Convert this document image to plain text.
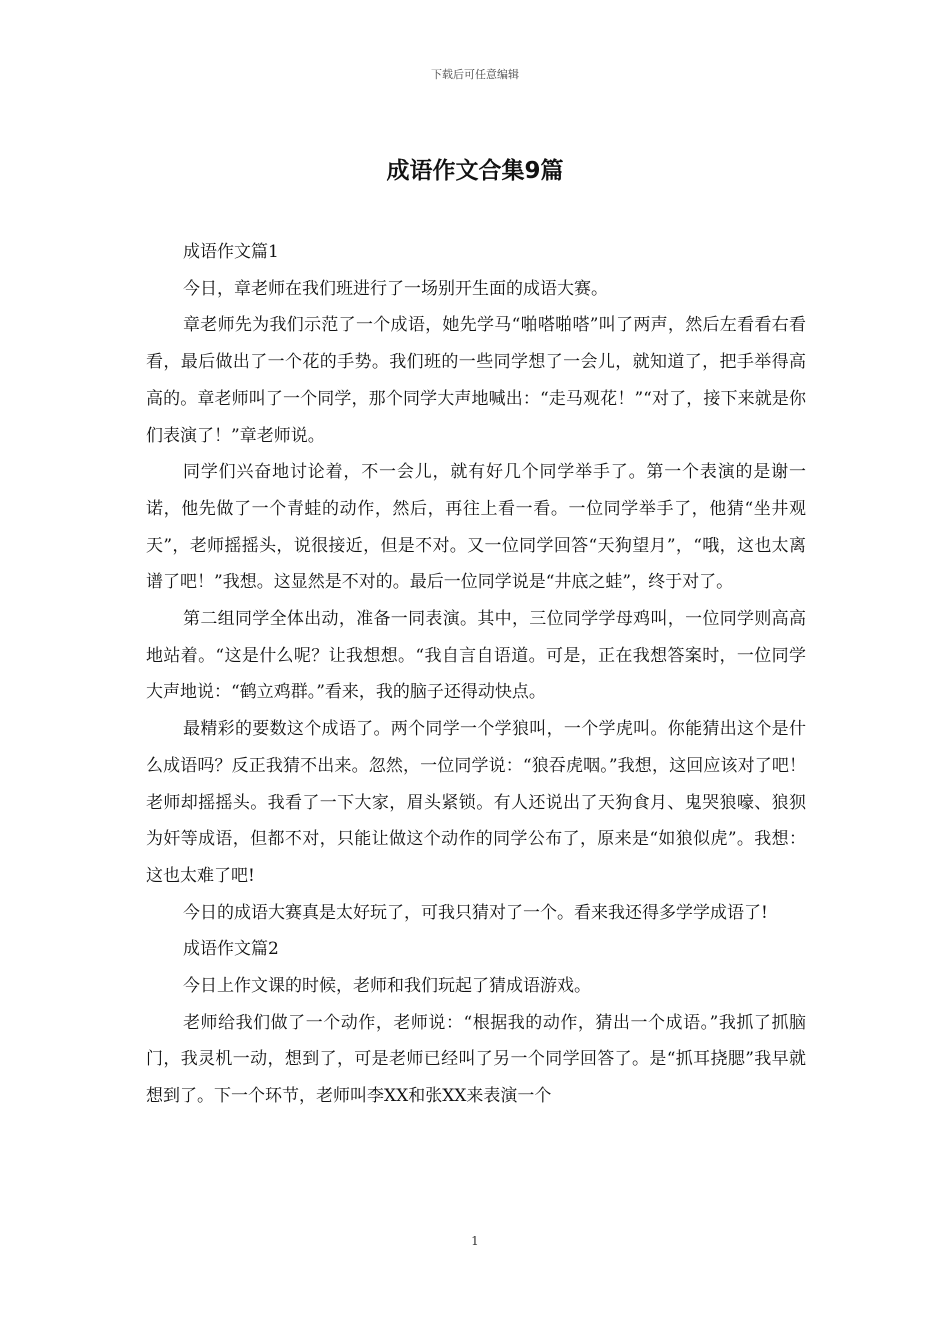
下载后可任意编辑
成语作文合集9篇

成语作文篇1

今日，章老师在我们班进行了一场别开生面的成语大赛。

章老师先为我们示范了一个成语，她先学马“啪嗒啪嗒”叫了两声，然后左看看右看看，最后做出了一个花的手势。我们班的一些同学想了一会儿，就知道了，把手举得高高的。章老师叫了一个同学，那个同学大声地喊出：“走马观花！”“对了，接下来就是你们表演了！”章老师说。

同学们兴奋地讨论着，不一会儿，就有好几个同学举手了。第一个表演的是谢一诺，他先做了一个青蛙的动作，然后，再往上看一看。一位同学举手了，他猜“坐井观天”，老师摇摇头，说很接近，但是不对。又一位同学回答“天狗望月”，“哦，这也太离谱了吧！”我想。这显然是不对的。最后一位同学说是“井底之蛙”，终于对了。

第二组同学全体出动，准备一同表演。其中，三位同学学母鸡叫，一位同学则高高地站着。“这是什么呢？让我想想。“我自言自语道。可是，正在我想答案时，一位同学大声地说：“鹤立鸡群。”看来，我的脑子还得动快点。

最精彩的要数这个成语了。两个同学一个学狼叫，一个学虎叫。你能猜出这个是什么成语吗？反正我猜不出来。忽然，一位同学说：“狼吞虎咽。”我想，这回应该对了吧！老师却摇摇头。我看了一下大家，眉头紧锁。有人还说出了天狗食月、鬼哭狼嚎、狼狈为奸等成语，但都不对，只能让做这个动作的同学公布了，原来是“如狼似虎”。我想：这也太难了吧!

今日的成语大赛真是太好玩了，可我只猜对了一个。看来我还得多学学成语了!

成语作文篇2

今日上作文课的时候，老师和我们玩起了猜成语游戏。

老师给我们做了一个动作，老师说：“根据我的动作，猜出一个成语。”我抓了抓脑门，我灵机一动，想到了，可是老师已经叫了另一个同学回答了。是“抓耳挠腮”我早就想到了。下一个环节，老师叫李XX和张XX来表演一个

1
